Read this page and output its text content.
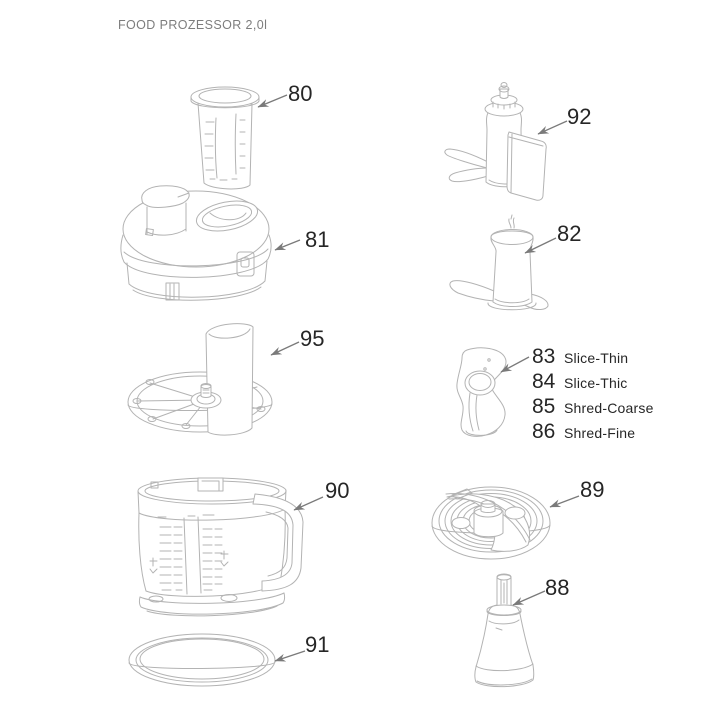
FOOD PROZESSOR 2,0l
80
81
95
90
91
92
82
89
88
83 Slice-Thin
84 Slice-Thic
85 Shred-Coarse
86 Shred-Fine
